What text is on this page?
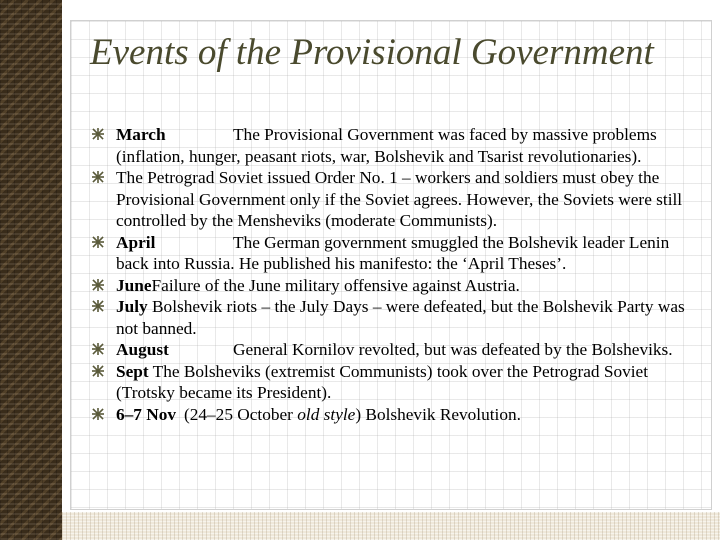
Events of the Provisional Government
March	The Provisional Government was faced by massive problems (inflation, hunger, peasant riots, war, Bolshevik and Tsarist revolutionaries).
The Petrograd Soviet issued Order No. 1 – workers and soldiers must obey the Provisional Government only if the Soviet agrees. However, the Soviets were still controlled by the Mensheviks (moderate Communists).
April	The German government smuggled the Bolshevik leader Lenin back into Russia. He published his manifesto: the ‘April Theses’.
JuneFailure of the June military offensive against Austria.
July Bolshevik riots – the July Days – were defeated, but the Bolshevik Party was not banned.
August	General Kornilov revolted, but was defeated by the Bolsheviks.
Sept The Bolsheviks (extremist Communists) took over the Petrograd Soviet (Trotsky became its President).
6–7 Nov (24–25 October old style) Bolshevik Revolution.
